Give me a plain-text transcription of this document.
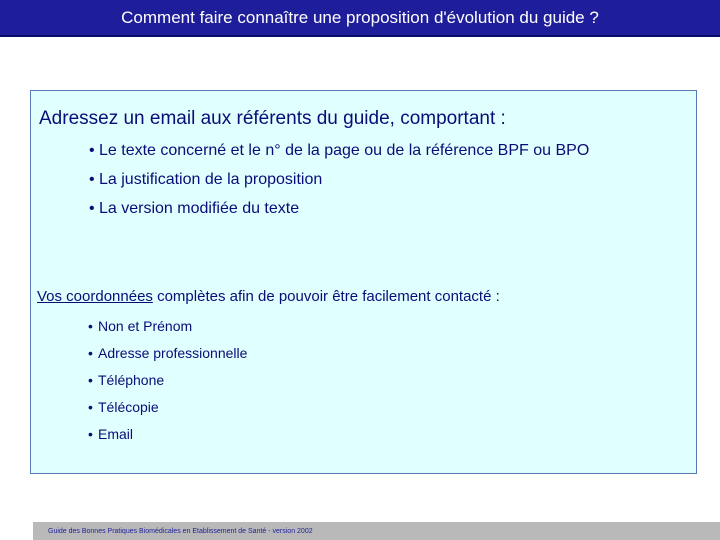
Comment faire connaître une proposition d'évolution du guide ?
Adressez un email aux référents du guide, comportant :
• Le texte concerné et le n° de la page ou de la référence BPF ou BPO
• La justification de la proposition
• La version modifiée du texte
Vos coordonnées complètes afin de pouvoir être facilement contacté :
• Non et Prénom
• Adresse professionnelle
• Téléphone
• Télécopie
• Email
Guide des Bonnes Pratiques Biomédicales en Etablissement de Santé - version 2002
